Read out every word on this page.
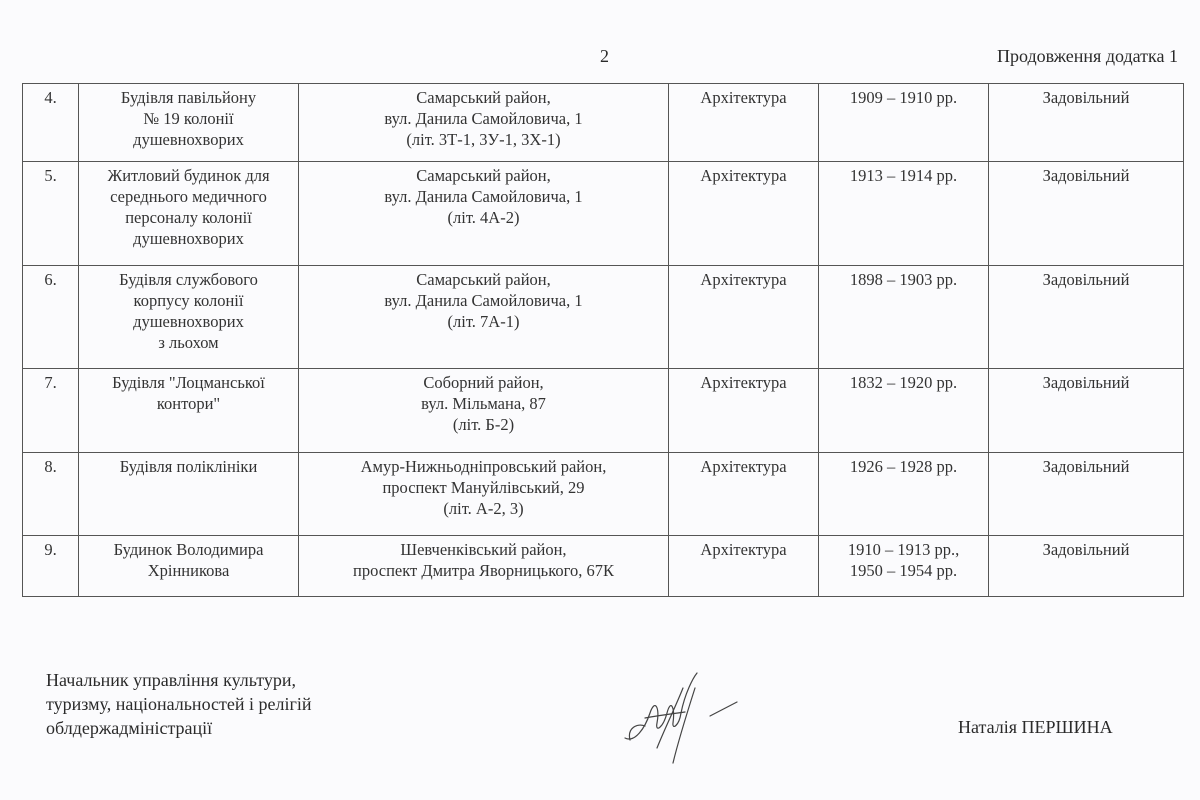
2	Продовження додатка 1
4.	Будівля павільйону
№ 19 колонії
душевнохворих	Самарський район,
вул. Данила Самойловича, 1
(літ. 3Т-1, 3У-1, 3Х-1)	Архітектура	1909 – 1910 рр.	Задовільний

5.	Житловий будинок для
середнього медичного
персоналу колонії
душевнохворих	Самарський район,
вул. Данила Самойловича, 1
(літ. 4А-2)	Архітектура	1913 – 1914 рр.	Задовільний

6.	Будівля службового
корпусу колонії
душевнохворих
з льохом	Самарський район,
вул. Данила Самойловича, 1
(літ. 7А-1)	Архітектура	1898 – 1903 рр.	Задовільний

7.	Будівля "Лоцманської
контори"	Соборний район,
вул. Мільмана, 87
(літ. Б-2)	Архітектура	1832 – 1920 рр.	Задовільний

8.	Будівля поліклініки	Амур-Нижньодніпровський район,
проспект Мануйлівський, 29
(літ. А-2, 3)	Архітектура	1926 – 1928 рр.	Задовільний

9.	Будинок Володимира
Хрінникова	Шевченківський район,
проспект Дмитра Яворницького, 67К	Архітектура	1910 – 1913 рр.,
1950 – 1954 рр.	Задовільний
Начальник управління культури,
туризму, національностей і релігій
облдержадміністрації	Наталія ПЕРШИНА
